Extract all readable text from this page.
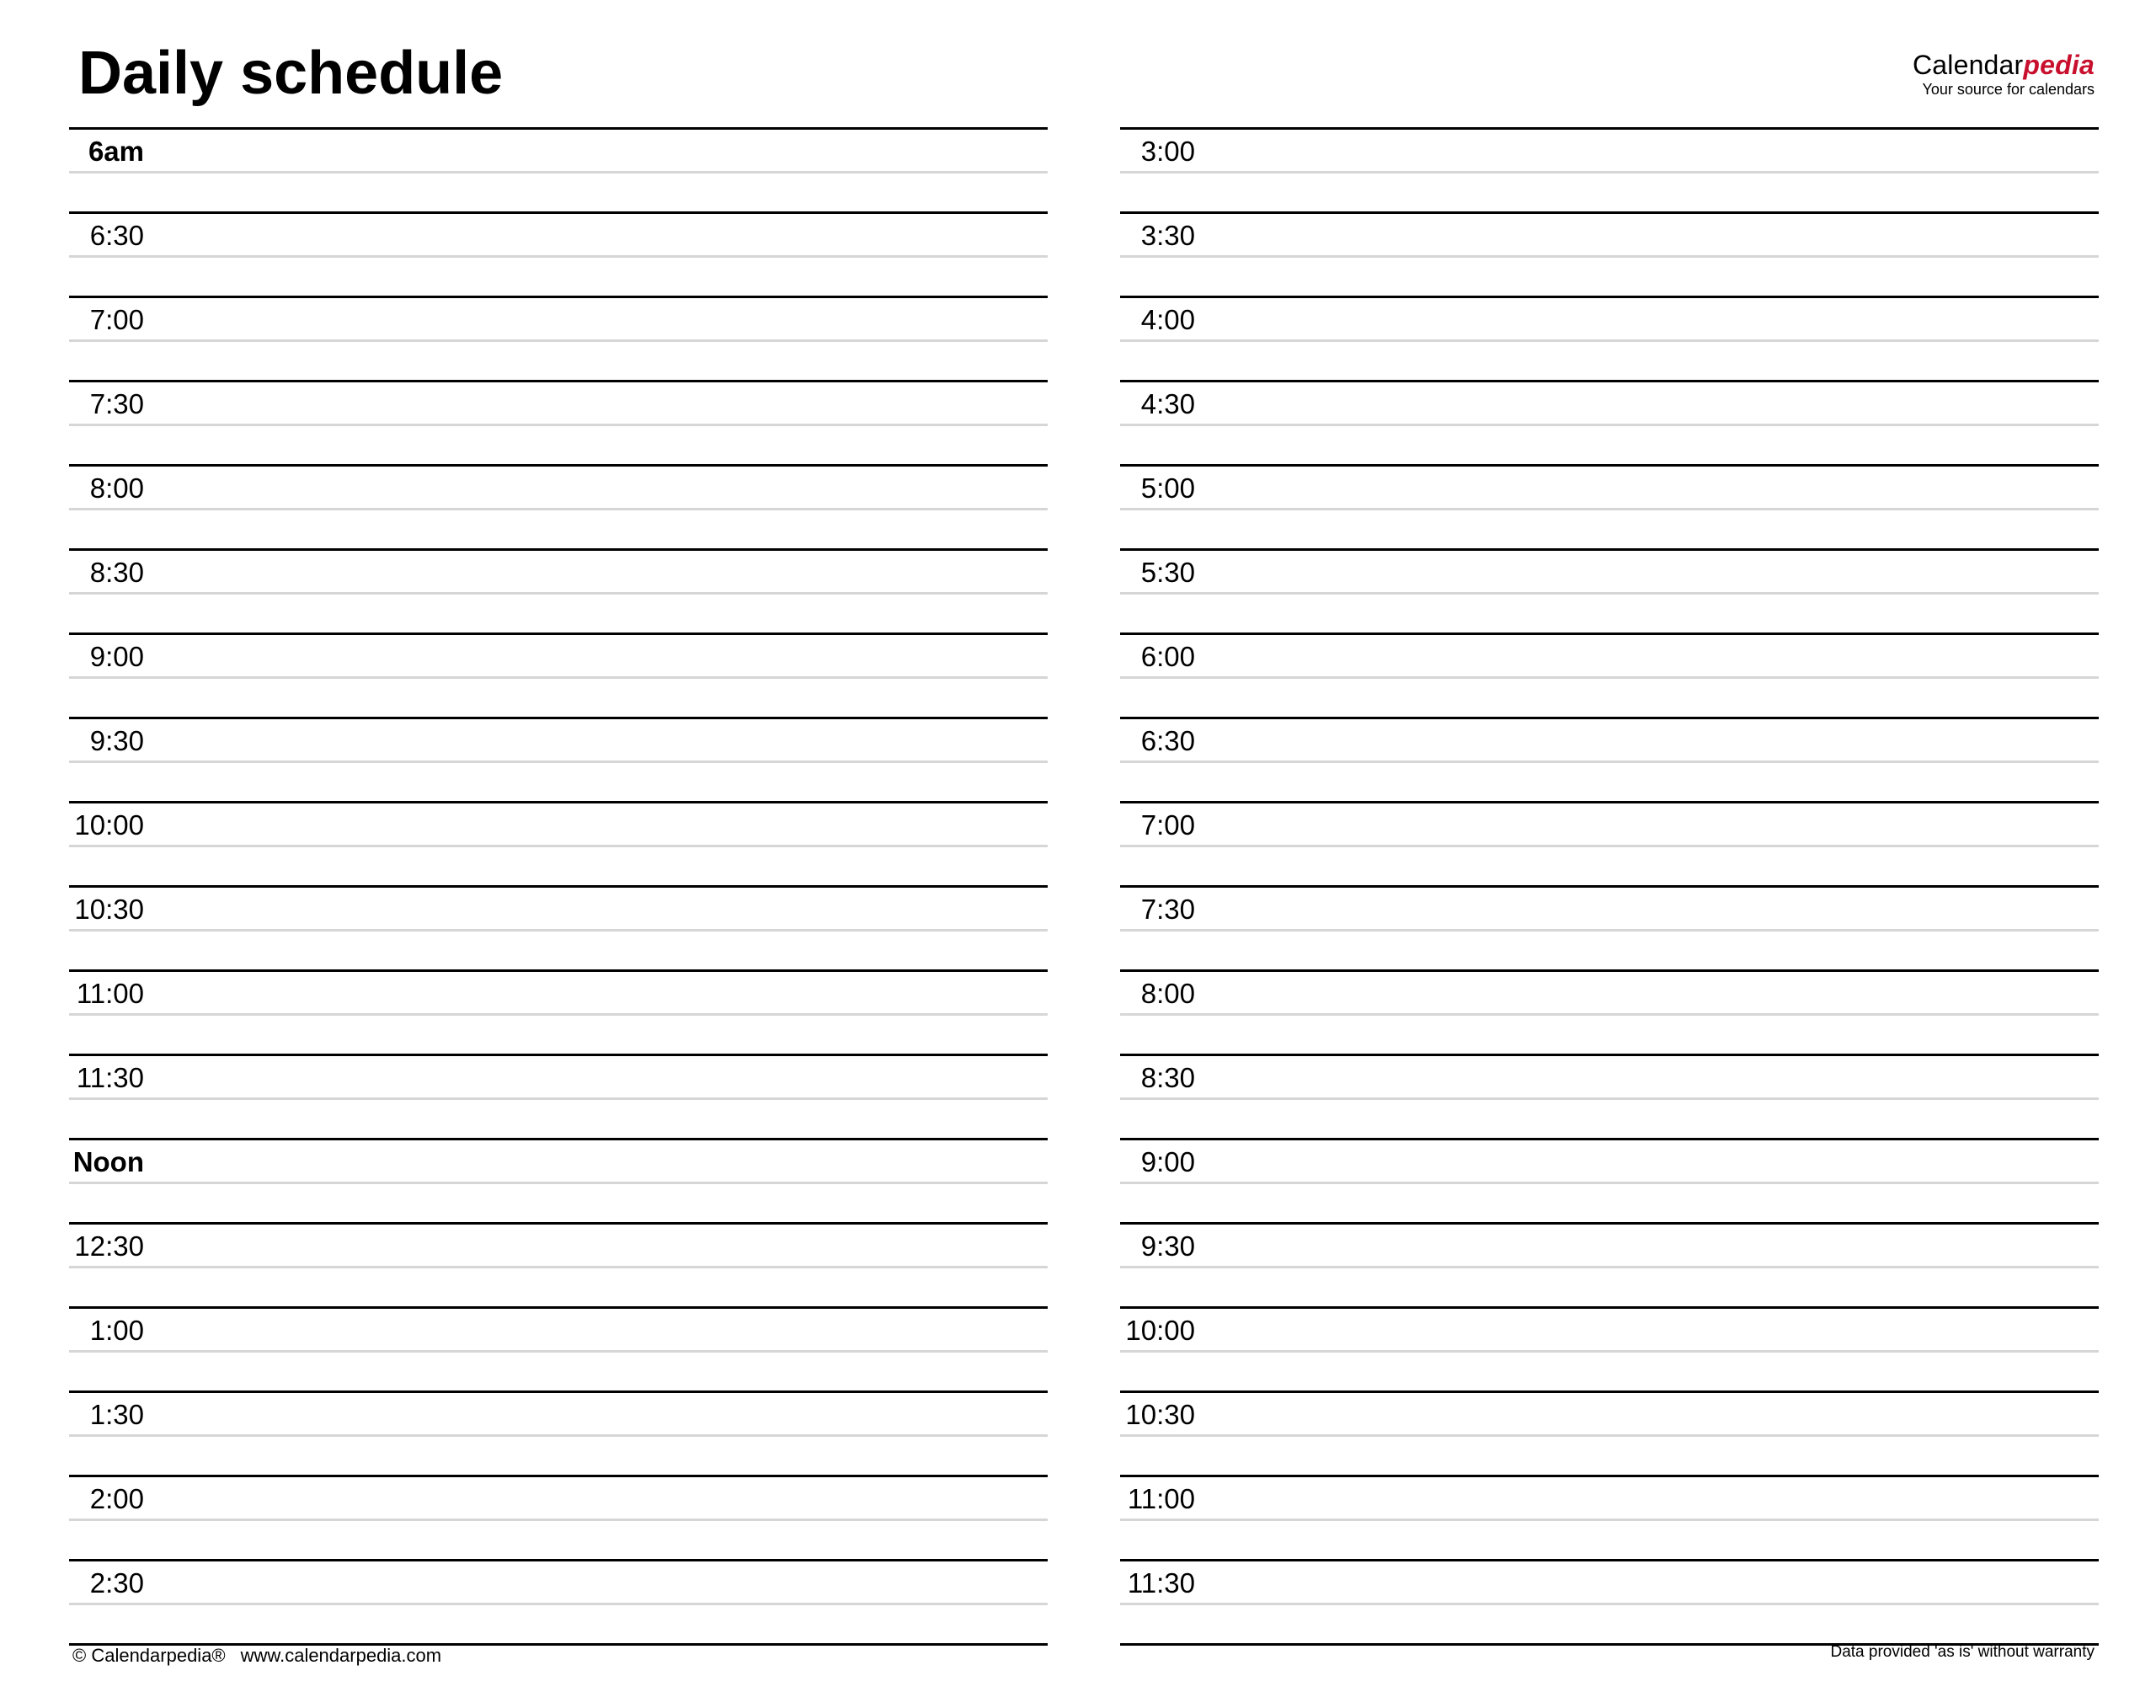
Daily schedule	Calendarpedia
Your source for calendars
6am
6:30
7:00
7:30
8:00
8:30
9:00
9:30
10:00
10:30
11:00
11:30
Noon
12:30
1:00
1:30
2:00
2:30
3:00
3:30
4:00
4:30
5:00
5:30
6:00
6:30
7:00
7:30
8:00
8:30
9:00
9:30
10:00
10:30
11:00
11:30
© Calendarpedia® www.calendarpedia.com	Data provided 'as is' without warranty
